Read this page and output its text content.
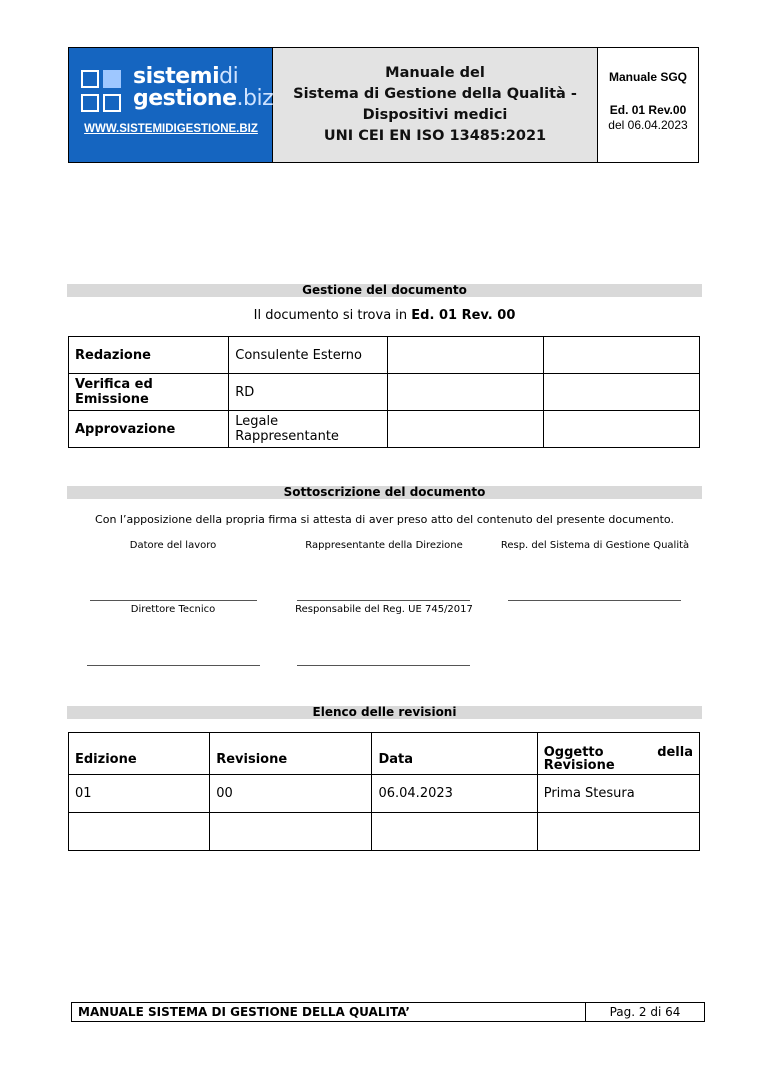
sistemidi
gestione.biz
WWW.SISTEMIDIGESTIONE.BIZ
Manuale del
Sistema di Gestione della Qualità -
Dispositivi medici
UNI CEI EN ISO 13485:2021
Manuale SGQ
Ed. 01 Rev.00
del 06.04.2023
Gestione del documento
Il documento si trova in Ed. 01 Rev. 00
Redazione	Consulente Esterno		
Verifica ed Emissione	RD		
Approvazione	Legale Rappresentante		
Sottoscrizione del documento
Con l’apposizione della propria firma si attesta di aver preso atto del contenuto del presente documento.
Datore del lavoro	Rappresentante della Direzione	Resp. del Sistema di Gestione Qualità
Direttore Tecnico	Responsabile del Reg. UE 745/2017
Elenco delle revisioni
Edizione	Revisione	Data	Oggetto della
Revisione

01	00	06.04.2023	Prima Stesura

MANUALE SISTEMA DI GESTIONE DELLA QUALITA’	Pag. 2 di 64
